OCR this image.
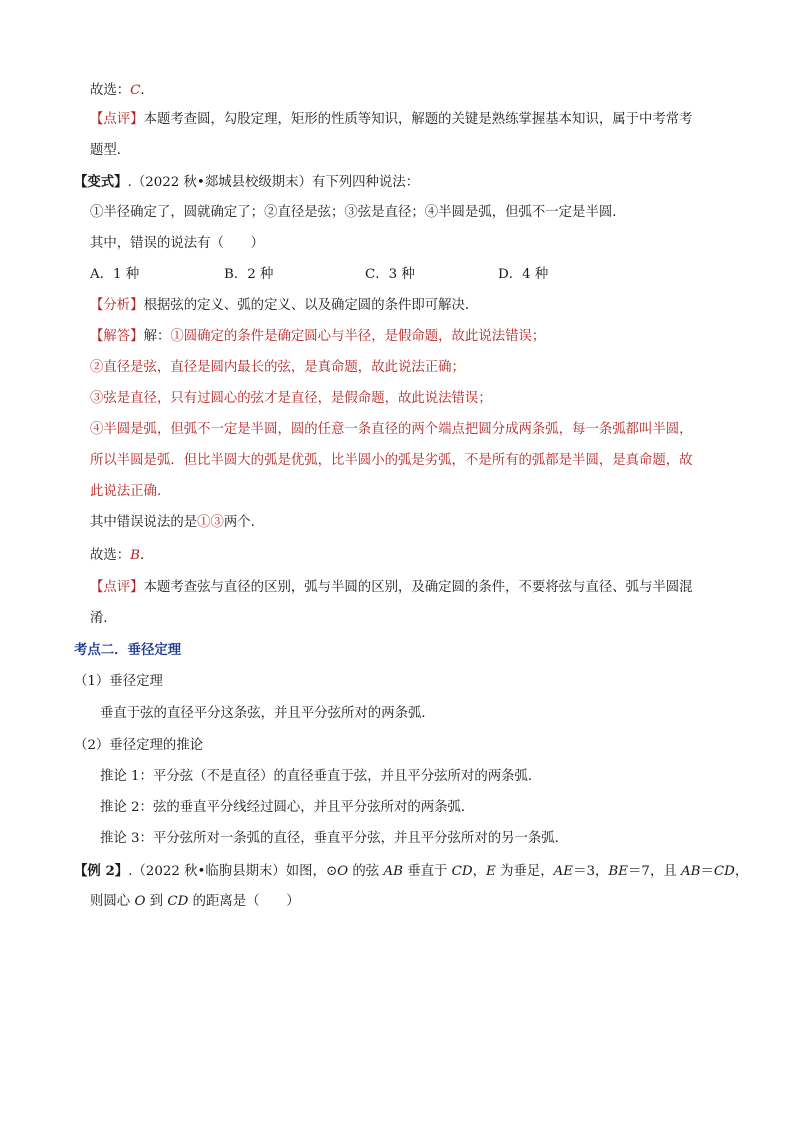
故选：C．
【点评】本题考查圆，勾股定理，矩形的性质等知识，解题的关键是熟练掌握基本知识，属于中考常考
题型．
【变式】.（2022 秋•郯城县校级期末）有下列四种说法：
①半径确定了，圆就确定了；②直径是弦；③弦是直径；④半圆是弧，但弧不一定是半圆．
其中，错误的说法有（　　）
A．1 种	B．2 种	C．3 种	D．4 种
【分析】根据弦的定义、弧的定义、以及确定圆的条件即可解决．
【解答】解：①圆确定的条件是确定圆心与半径，是假命题，故此说法错误；
②直径是弦，直径是圆内最长的弦，是真命题，故此说法正确；
③弦是直径，只有过圆心的弦才是直径，是假命题，故此说法错误；
④半圆是弧，但弧不一定是半圆，圆的任意一条直径的两个端点把圆分成两条弧，每一条弧都叫半圆，
所以半圆是弧．但比半圆大的弧是优弧，比半圆小的弧是劣弧，不是所有的弧都是半圆，是真命题，故
此说法正确．
其中错误说法的是①③两个．
故选：B．
【点评】本题考查弦与直径的区别，弧与半圆的区别，及确定圆的条件，不要将弦与直径、弧与半圆混
淆．
考点二．垂径定理
（1）垂径定理
垂直于弦的直径平分这条弦，并且平分弦所对的两条弧．
（2）垂径定理的推论
推论 1：平分弦（不是直径）的直径垂直于弦，并且平分弦所对的两条弧．
推论 2：弦的垂直平分线经过圆心，并且平分弦所对的两条弧．
推论 3：平分弦所对一条弧的直径，垂直平分弦，并且平分弦所对的另一条弧．
【例 2】.（2022 秋•临朐县期末）如图，⊙O 的弦 AB 垂直于 CD，E 为垂足，AE＝3，BE＝7，且 AB＝CD，
则圆心 O 到 CD 的距离是（　　）
